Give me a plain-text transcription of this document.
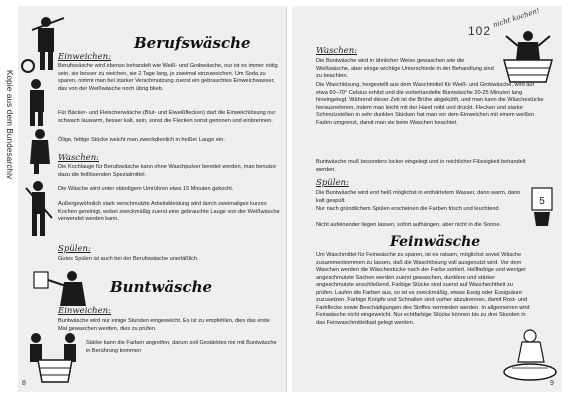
Kopie aus dem Bundesarchiv
Berufswäsche
Einweichen:

Berufswäsche wird ebenso behandelt wie Weiß- und Grobwäsche, nur ist es immer nötig sein, sie besser zu weichen, sie 2 Tage lang, je zweimal einzuweichen. Um Soda zu sparen, nimmt man bei starker Verschmutzung zuerst ein gebrauchtes Einweichwasser, das von der Weißwäsche noch übrig blieb.

Für Bäcker- und Fleischerwäsche (Blut- und Eiweißflecken) darf die Einweichlösung nur schwach lauwarm, besser kalt, sein, sonst die Flecken sonst gerinnen und einbrennen.

Ölige, fettige Stücke weicht man zweckdienlich in heißer Lauge ein.

Waschen:

Die Kochlauge für Berufswäsche kann ohne Waschpulver bereitet werden, man benutze dazu die fettlösenden Spezialmittel.

Die Wäsche wird unter ständigem Umrühren etwa 15 Minuten gekocht.

Außergewöhnlich stark verschmutzte Arbeitskleidung wird durch zweimaliges kurzes Kochen gereinigt, wobei zweckmäßig zuerst eine gebrauchte Lauge von der Weißwäsche verwendet werden kann.

Spülen:

Gutes Spülen ist auch bei der Berufswäsche unerläßlich.

Buntwäsche
Einweichen:

Buntwäsche wird nur einige Stunden eingeweicht. Es ist zu empfehlen, dies das erste Mal gewaschen werden, dies zu prüfen.

Stärke kann die Farben angreifen, darum soll Gestärktes nie mit Buntwäsche in Berührung kommen

8
102
nicht kochen!
Waschen:

Die Buntwäsche wird in ähnlicher Weise gewaschen wie die Weißwäsche, aber einige wichtige Unterschiede in der Behandlung sind zu beachten.

Die Waschlösung, hergestellt aus dem Waschmittel für Weiß- und Grobwäsche, wird auf etwa 60–70° Celsius erhitzt und die vorbehandelte Buntwäsche 20-25 Minuten lang hineingelegt. Während dieser Zeit ist die Brühe abgekühlt, und man kann die Wäschestücke herausnehmen, indem man leicht mit der Hand reibt und drückt. Flecken und starke Schmutzstellen in sehr dunklen Stücken hat man vor dem Einweichen mit einem weißen Faden umgrenzt, damit man sie beim Waschen beachtet.

Buntwäsche muß besonders locker eingelegt und in reichlicher Flüssigkeit behandelt werden.

Spülen:

Die Buntwäsche wird erst heiß möglichst in enthärtetem Wasser, dann warm, dann kalt gespült.

Nur nach gründlichem Spülen erscheinen die Farben frisch und leuchtend.

Nicht aufeinander liegen lassen, sofort aufhängen, aber nicht in die Sonne.

5
Feinwäsche

Um Waschmittel für Feinwäsche zu sparen, ist es ratsam, möglichst soviel Wäsche zusammenkommen zu lassen, daß die Waschlösung voll ausgenutzt wird. Vor dem Waschen werden die Wäschestücke nach der Farbe sortiert. Hellfarbige und weniger angeschmutzte Sachen werden zuerst gewaschen, dunklere und stärker angeschmutzte anschließend. Farbige Stücke sind zuerst auf Waschechtheit zu prüfen. Laufen die Farben aus, so ist es zweckmäßig, etwas Essig oder Essigsäure zuzusetzen. Farbige Knöpfe und Schnallen sind vorher abzutrennen, damit Rost- und Farbflecke sowie Beschädigungen des Stoffes vermieden werden. In allgemeinen wird Feinwäsche nicht eingeweicht. Nur echtfarbige Stücke können bis zu drei Stunden in das Feinwaschmittelbad gelegt werden.

9
